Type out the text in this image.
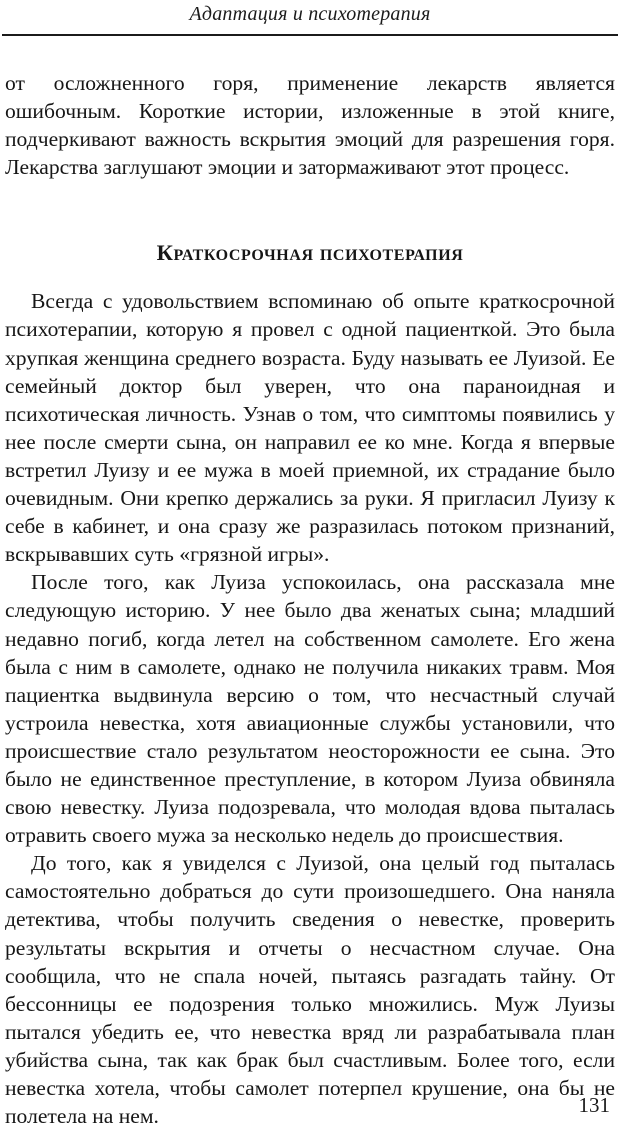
Адаптация и психотерапия

от осложненного горя, применение лекарств является ошибочным. Короткие истории, изложенные в этой книге, подчеркивают важность вскрытия эмоций для разрешения горя. Лекарства заглушают эмоции и затормаживают этот процесс.

Краткосрочная психотерапия

Всегда с удовольствием вспоминаю об опыте краткосрочной психотерапии, которую я провел с одной пациенткой. Это была хрупкая женщина среднего возраста. Буду называть ее Луизой. Ее семейный доктор был уверен, что она параноидная и психотическая личность. Узнав о том, что симптомы появились у нее после смерти сына, он направил ее ко мне. Когда я впервые встретил Луизу и ее мужа в моей приемной, их страдание было очевидным. Они крепко держались за руки. Я пригласил Луизу к себе в кабинет, и она сразу же разразилась потоком признаний, вскрывавших суть «грязной игры».

После того, как Луиза успокоилась, она рассказала мне следующую историю. У нее было два женатых сына; младший недавно погиб, когда летел на собственном самолете. Его жена была с ним в самолете, однако не получила никаких травм. Моя пациентка выдвинула версию о том, что несчастный случай устроила невестка, хотя авиационные службы установили, что происшествие стало результатом неосторожности ее сына. Это было не единственное преступление, в котором Луиза обвиняла свою невестку. Луиза подозревала, что молодая вдова пыталась отравить своего мужа за несколько недель до происшествия.

До того, как я увиделся с Луизой, она целый год пыталась самостоятельно добраться до сути произошедшего. Она наняла детектива, чтобы получить сведения о невестке, проверить результаты вскрытия и отчеты о несчастном случае. Она сообщила, что не спала ночей, пытаясь разгадать тайну. От бессонницы ее подозрения только множились. Муж Луизы пытался убедить ее, что невестка вряд ли разрабатывала план убийства сына, так как брак был счастливым. Более того, если невестка хотела, чтобы самолет потерпел крушение, она бы не полетела на нем.	131
